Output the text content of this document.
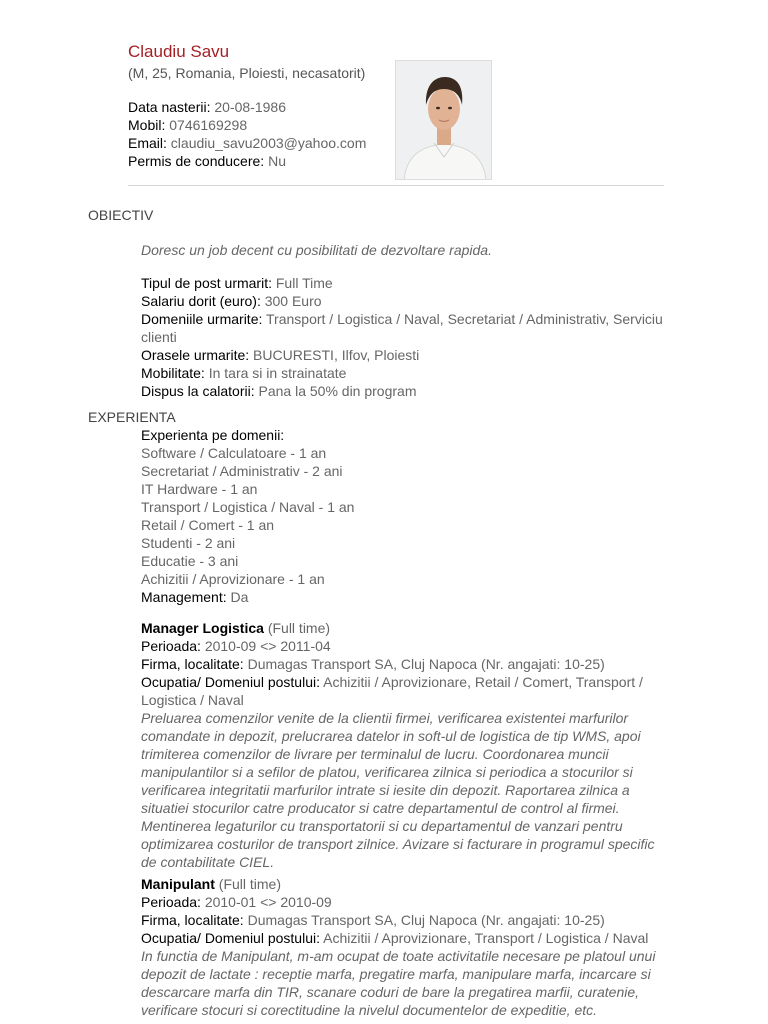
Claudiu Savu
(M, 25, Romania, Ploiesti, necasatorit)
Data nasterii: 20-08-1986
Mobil: 0746169298
Email: claudiu_savu2003@yahoo.com
Permis de conducere: Nu
OBIECTIV
Doresc un job decent cu posibilitati de dezvoltare rapida.
Tipul de post urmarit: Full Time
Salariu dorit (euro): 300 Euro
Domeniile urmarite: Transport / Logistica / Naval, Secretariat / Administrativ, Serviciu
clienti
Orasele urmarite: BUCURESTI, Ilfov, Ploiesti
Mobilitate: In tara si in strainatate
Dispus la calatorii: Pana la 50% din program
EXPERIENTA
Experienta pe domenii:
Software / Calculatoare - 1 an
Secretariat / Administrativ - 2 ani
IT Hardware - 1 an
Transport / Logistica / Naval - 1 an
Retail / Comert - 1 an
Studenti - 2 ani
Educatie - 3 ani
Achizitii / Aprovizionare - 1 an
Management: Da
Manager Logistica (Full time)
Perioada: 2010-09 <> 2011-04
Firma, localitate: Dumagas Transport SA, Cluj Napoca (Nr. angajati: 10-25)
Ocupatia/ Domeniul postului: Achizitii / Aprovizionare, Retail / Comert, Transport /
Logistica / Naval
Preluarea comenzilor venite de la clientii firmei, verificarea existentei marfurilor
comandate in depozit, prelucrarea datelor in soft-ul de logistica de tip WMS, apoi
trimiterea comenzilor de livrare per terminalul de lucru. Coordonarea muncii
manipulantilor si a sefilor de platou, verificarea zilnica si periodica a stocurilor si
verificarea integritatii marfurilor intrate si iesite din depozit. Raportarea zilnica a
situatiei stocurilor catre producator si catre departamentul de control al firmei.
Mentinerea legaturilor cu transportatorii si cu departamentul de vanzari pentru
optimizarea costurilor de transport zilnice. Avizare si facturare in programul specific
de contabilitate CIEL.
Manipulant (Full time)
Perioada: 2010-01 <> 2010-09
Firma, localitate: Dumagas Transport SA, Cluj Napoca (Nr. angajati: 10-25)
Ocupatia/ Domeniul postului: Achizitii / Aprovizionare, Transport / Logistica / Naval
In functia de Manipulant, m-am ocupat de toate activitatile necesare pe platoul unui
depozit de lactate : receptie marfa, pregatire marfa, manipulare marfa, incarcare si
descarcare marfa din TIR, scanare coduri de bare la pregatirea marfii, curatenie,
verificare stocuri si corectitudine la nivelul documentelor de expeditie, etc.
